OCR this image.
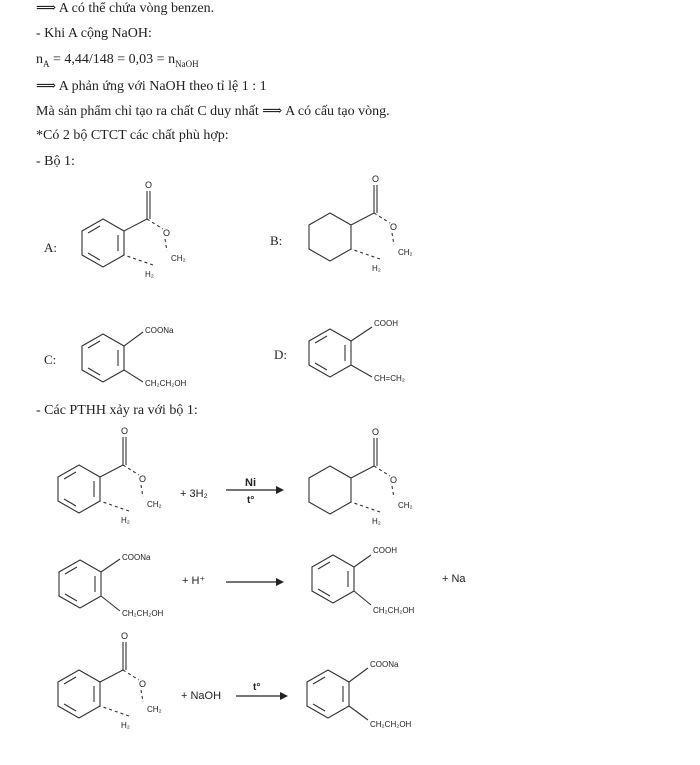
⟹ A có thể chứa vòng benzen.
- Khi A cộng NaOH:
$n_A = 4,44/148 = 0,03 = n_{NaOH}$
⟹ A phản ứng với NaOH theo tỉ lệ 1 : 1
Mà sản phẩm chỉ tạo ra chất C duy nhất ⟹ A có cấu tạo vòng.
*Có 2 bộ CTCT các chất phù hợp:
- Bộ 1:
- Các PTHH xảy ra với bộ 1:
A:	B:
C:	D:
O
O
CH₂
H₂
O
O
CH₂
H₂
COONa
CH₂CH₂OH
COOH
CH=CH₂
O
O
CH₂
H₂
+ 3H₂
Ni
t°
O
O
CH₂
H₂
COONa
CH₂CH₂OH
+ H⁺
COOH
CH₂CH₂OH
+ Na
O
O
CH₂
H₂
+ NaOH
t°
COONa
CH₂CH₂OH
